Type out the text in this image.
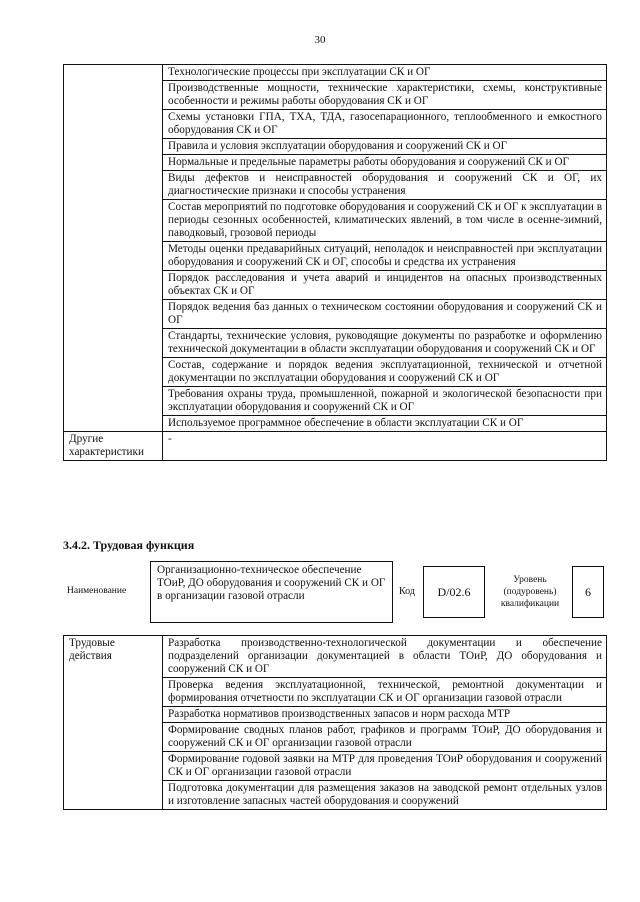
30
	Технологические процессы при эксплуатации СК и ОГ
	Производственные мощности, технические характеристики, схемы, конструктивные особенности и режимы работы оборудования СК и ОГ
	Схемы установки ГПА, ТХА, ТДА, газосепарационного, теплообменного и емкостного оборудования СК и ОГ
	Правила и условия эксплуатации оборудования и сооружений СК и ОГ
	Нормальные и предельные параметры работы оборудования и сооружений СК и ОГ
	Виды дефектов и неисправностей оборудования и сооружений СК и ОГ, их диагностические признаки и способы устранения
	Состав мероприятий по подготовке оборудования и сооружений СК и ОГ к эксплуатации в периоды сезонных особенностей, климатических явлений, в том числе в осенне-зимний, паводковый, грозовой периоды
	Методы оценки предаварийных ситуаций, неполадок и неисправностей при эксплуатации оборудования и сооружений СК и ОГ, способы и средства их устранения
	Порядок расследования и учета аварий и инцидентов на опасных производственных объектах СК и ОГ
	Порядок ведения баз данных о техническом состоянии оборудования и сооружений СК и ОГ
	Стандарты, технические условия, руководящие документы по разработке и оформлению технической документации в области эксплуатации оборудования и сооружений СК и ОГ
	Состав, содержание и порядок ведения эксплуатационной, технической и отчетной документации по эксплуатации оборудования и сооружений СК и ОГ
	Требования охраны труда, промышленной, пожарной и экологической безопасности при эксплуатации оборудования и сооружений СК и ОГ
	Используемое программное обеспечение в области эксплуатации СК и ОГ
Другие характеристики	-
3.4.2. Трудовая функция
Наименование
Организационно-техническое обеспечение ТОиР, ДО оборудования и сооружений СК и ОГ в организации газовой отрасли	Код	D/02.6
Уровень (подуровень) квалификации
6
Трудовые действия	Разработка производственно-технологической документации и обеспечение подразделений организации документацией в области ТОиР, ДО оборудования и сооружений СК и ОГ
Проверка ведения эксплуатационной, технической, ремонтной документации и формирования отчетности по эксплуатации СК и ОГ организации газовой отрасли
Разработка нормативов производственных запасов и норм расхода МТР
Формирование сводных планов работ, графиков и программ ТОиР, ДО оборудования и сооружений СК и ОГ организации газовой отрасли
Формирование годовой заявки на МТР для проведения ТОиР оборудования и сооружений СК и ОГ организации газовой отрасли
Подготовка документации для размещения заказов на заводской ремонт отдельных узлов и изготовление запасных частей оборудования и сооружений
